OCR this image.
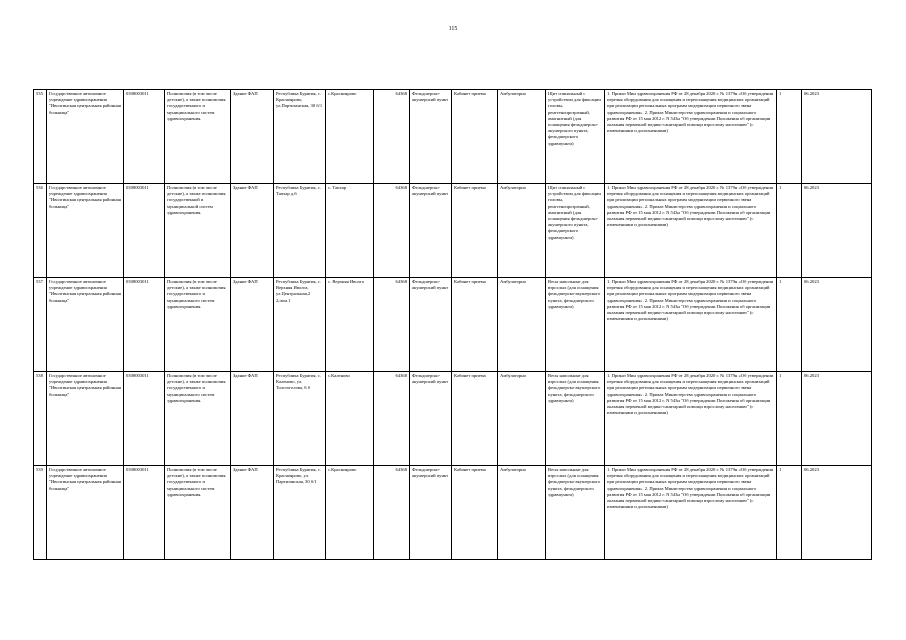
115
535	Государственное автономное учреждение здравоохранения "Иволгинская центральная районная больница"	0308003011	Полномочия (в том числе детские), а также полномочия государственного и муниципального систем здравоохранения.	Здание ФАП	Республика Бурятия, с. Красноярово, ул.Партизанская, 30 б/1	с.Красноярово	64368	Фельдшерско-акушерский пункт	Кабинет приема	Амбулаторно	Щит спинальный с устройством для фиксации головы, рентгенопрозрачный, амагнитный (для оснащения фельдшерско-акушерского пункта, фельдшерского здравпункта)	1. Приказ Мин здравоохранения РФ от 28 декабря 2020 г. № 1379н «Об утверждении перечня оборудования для оснащения и переоснащения медицинских организаций при реализации региональных программ модернизации первичного звена здравоохранения». 2. Приказ Министерства здравоохранения и социального развития РФ от 15 мая 2012 г. N 543н "Об утверждении Положения об организации оказания первичной медико-санитарной помощи взрослому населению" (с изменениями и дополнениями)	1	06.2023
536	Государственное автономное учреждение здравоохранения "Иволгинская центральная районная больница"	0308003011	Полномочия (в том числе детские), а также полномочия государственной и муниципальной систем здравоохранения.	Здание ФАП	Республика Бурятия, с. Тапхар д.6	с. Тапхар	64368	Фельдшерско-акушерский пункт	Кабинет приема	Амбулаторно	Щит спинальный с устройством для фиксации головы, рентгенопрозрачный, амагнитный (для оснащения фельдшерско-акушерского пункта, фельдшерского здравпункта)	1. Приказ Мин здравоохранения РФ от 28 декабря 2020 г. № 1379н «Об утверждении перечня оборудования для оснащения и переоснащения медицинских организаций при реализации региональных программ модернизации первичного звена здравоохранения». 2. Приказ Министерства здравоохранения и социального развития РФ от 15 мая 2012 г. N 543н "Об утверждении Положения об организации оказания первичной медико-санитарной помощи взрослому населению" (с изменениями и дополнениями)	1	06.2023
537	Государственное автономное учреждение здравоохранения "Иволгинская центральная районная больница"	0308003011	Полномочия (в том числе детские), а также полномочия государственного и муниципального систем здравоохранения.	Здание ФАП	Республика Бурятия, с. Верхняя Иволга, ул.Центральная,2 2,пом.1	с. Верхняя Иволга	64368	Фельдшерско-акушерский пункт	Кабинет приема	Амбулаторно	Весы напольные для взрослых (для оснащения фельдшерско-акушерского пункта, фельдшерского здравпункта)	1. Приказ Мин здравоохранения РФ от 28 декабря 2020 г. № 1379н «Об утверждении перечня оборудования для оснащения и переоснащения медицинских организаций при реализации региональных программ модернизации первичного звена здравоохранения». 2. Приказ Министерства здравоохранения и социального развития РФ от 15 мая 2012 г. N 543н "Об утверждении Положения об организации оказания первичной медико-санитарной помощи взрослому населению" (с изменениями и дополнениями)	1	06.2023
538	Государственное автономное учреждение здравоохранения "Иволгинская центральная районная больница"	0308003011	Полномочия (в том числе детские), а также полномочия государственного и муниципального систем здравоохранения.	Здание ФАП	Республика Бурятия, с. Каленово, ул. Толстоголова, 6 б	с.Каленово	64368	Фельдшерско-акушерский пункт	Кабинет приема	Амбулаторно	Весы напольные для взрослых (для оснащения фельдшерско-акушерского пункта, фельдшерского здравпункта)	1. Приказ Мин здравоохранения РФ от 28 декабря 2020 г. № 1379н «Об утверждении перечня оборудования для оснащения и переоснащения медицинских организаций при реализации региональных программ модернизации первичного звена здравоохранения». 2. Приказ Министерства здравоохранения и социального развития РФ от 15 мая 2012 г. N 543н "Об утверждении Положения об организации оказания первичной медико-санитарной помощи взрослому населению" (с изменениями и дополнениями)	1	06.2023
539	Государственное автономное учреждение здравоохранения "Иволгинская центральная районная больница"	0308003011	Полномочия (в том числе детские), а также полномочия государственного и муниципального систем здравоохранения.	Здание ФАП	Республика Бурятия, с. Красноярово, ул. Партизанская, 30 б/1	с.Красноярово	64368	Фельдшерско-акушерский пункт	Кабинет приема	Амбулаторно	Весы напольные для взрослых (для оснащения фельдшерско-акушерского пункта, фельдшерского здравпункта)	1. Приказ Мин здравоохранения РФ от 28 декабря 2020 г. № 1379н «Об утверждении перечня оборудования для оснащения и переоснащения медицинских организаций при реализации региональных программ модернизации первичного звена здравоохранения». 2. Приказ Министерства здравоохранения и социального развития РФ от 15 мая 2012 г. N 543н "Об утверждении Положения об организации оказания первичной медико-санитарной помощи взрослому населению" (с изменениями и дополнениями)	1	06.2023
